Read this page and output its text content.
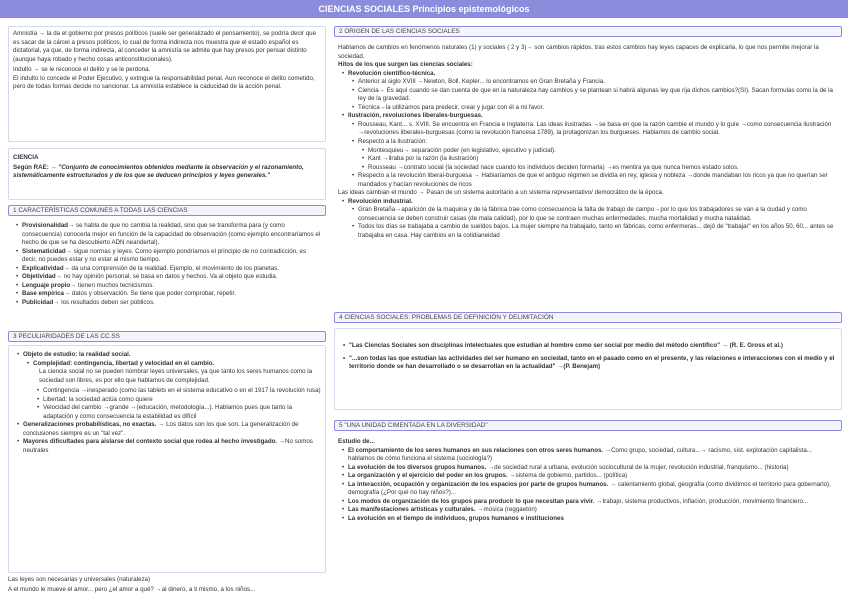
CIENCIAS SOCIALES Principios epistemológicos

Amnistía → la da el gobierno por presos políticos (suele ser generalizado el pensamiento), se podría decir que es sacar de la cárcel a presos políticos, lo cual de forma indirecta nos muestra que el estado español es dictatorial, ya que, de forma indirecta, al conceder la amnistía se admite que hay presos por pensar distinto (aunque haya robado y hecho cosas anticonstitucionales).

Indulto → se le reconoce el delito y se le perdona.

El indulto lo concede el Poder Ejecutivo, y extingue la responsabilidad penal. Aun reconoce el delito cometido, pero de todas formas decide no sancionar. La amnistía establece la caducidad de la acción penal.

CIENCIA

Según RAE: → "Conjunto de conocimientos obtenidos mediante la observación y el razonamiento, sistemáticamente estructurados y de los que se deducen principios y leyes generales."

1 CARACTERÍSTICAS COMUNES A TODAS LAS CIENCIAS
• Provisionalidad→ se habla de que no cambia la realidad, sino que se transforma para (y como consecuencia) conocerla mejor en función de la capacidad de observación (como ejemplo encontraríamos el hecho de que se ha descubierto ADN neandertal).
• Sistematicidad→ sigue normas y leyes. Como ejemplo pondríamos el principio de no contradicción, es decir, no puedes estar y no estar al mismo tiempo.
• Explicatividad→ da una comprensión de la realidad. Ejemplo, el movimiento de los planetas.
• Objetividad→ no hay opinión personal, se basa en datos y hechos. Va al objeto que estudia.
• Lenguaje propio→ tienen muchos tecnicismos.
• Base empírica→ datos y observación. Se tiene que poder comprobar, repetir.
• Publicidad→ los resultados deben ser públicos.
3 PECULIARIDADES DE LAS CC.SS
• Objeto de estudio: la realidad social.
• Complejidad: contingencia, libertad y velocidad en el cambio.

La ciencia social no se pueden nombrar leyes universales, ya que tanto los seres humanos como la sociedad son libres, es por ello que hablamos de complejidad.

• Contingencia →inesperado (como las tablets en el sistema educativo o en el 1917 la revolución rusa)
• Libertad: la sociedad actúa como quiere
• Velocidad del cambio →grande →(educación, metodología...). Hablamos pues que tanto la adaptación y como consecuencia la estabilidad es difícil
• Generalizaciones probabilísticas, no exactas. → Los datos son los que son. La generalización de conclusiones siempre es un "tal vez".
• Mayores dificultades para aislarse del contexto social que rodea al hecho investigado. →No somos neutrales
Las leyes son necesarias y universales (naturaleza)
A el mundo le mueve el amor... pero ¿el amor a qué? →al dinero, a ti mismo, a los niños...
2 ORIGEN DE LAS CIENCIAS SOCIALES

Hablamos de cambios en fenómenos naturales (1) y sociales ( 2 y 3)→ son cambios rápidos, tras estos cambios hay leyes capaces de explicarla, lo que nos permite mejorar la sociedad.

Hitos de los que surgen las ciencias sociales:

• Revolución científico-técnica.
• Anterior al siglo XVIII →Newton, Boll, Kepler... lo encontramos en Gran Bretaña y Francia.
• Ciencia→ Es aquí cuando se dan cuenta de que en la naturaleza hay cambios y se plantean si habrá algunas ley que rija dichos cambios?(SI). Sacan formulas como la de la ley de la gravedad.
• Técnica→la utilizamos para predecir, crear y jugar con él a mi favor.
• Ilustración, revoluciones liberales-burguesas.
• Rousseau, Kant... s. XVIII. Se encuentra en Francia e Inglaterra. Las ideas ilustradas →se basa en que la razón cambie el mundo y lo guíe →como consecuencia ilustración →revoluciones liberales-burguesas (como la revolución francesa 1789), la protagonizan los burgueses. Hablamos de cambio social.
• Respecto a la ilustración:
• Montesquieu→ separación poder (en legislativo, ejecutivo y judicial).
• Kant →llraba por la razón (la ilustración)
• Rousseau →contrato social (la sociedad nace cuando los individuos deciden formarla) →es mentira ya que nunca hemos estado solos.
• Respecto a la revolución liberal-burguesa → Habiaríamos de que el antiguo régimen se dividía en rey, iglesia y nobleza →donde mandaban los ricos ya que no querían ser mandados y hacían revoluciones de ricos

Las ideas cambian el mundo → Pasan de un sistema autoritario a un sistema representativo/ democrático de la época.

• Revolución industrial.
• Gran Bretaña→aparición de la maquina y de la fábrica trae como consecuencia la falta de trabajo de campo→por lo que los trabajadores se van a la ciudad y como consecuencia se deben construir casas (de mala calidad), por lo que se contraen muchas enfermedades, mucha mortalidad y mucha natalidad.
• Todos los días se trabajaba a cambio de sueldos bajos. La mujer siempre ha trabajado, tanto en fábricas, como enfermeras... dejó de "trabajar" en los años 50, 60... antes se trabajaba en casa. Hay cambios en la cotidianeidad
4 CIENCIAS SOCIALES: PROBLEMAS DE DEFINICIÓN Y DELIMITACIÓN
• "Las Ciencias Sociales son disciplinas intelectuales que estudian al hombre como ser social por medio del método científico" → (R. E. Gross et al.)
• "...son todas las que estudian las actividades del ser humano en sociedad, tanto en el pasado como en el presente, y las relaciones e interacciones con el medio y el territorio donde se han desarrollado o se desarrollan en la actualidad" →(P. Benejam)
5 "UNA UNIDAD CIMENTADA EN LA DIVERSIDAD"

Estudio de...

• El comportamiento de los seres humanos en sus relaciones con otros seres humanos. →Como grupo, sociedad, cultura...→ racismo, sist. explotación capitalista... hablamos de cómo funciona el sistema (sociología?)
• La evolución de los diversos grupos humanos. →de sociedad rural a urbana, evolución sociocultural de la mujer, revolución industrial, franquismo... (historia)
• La organización y el ejercicio del poder en los grupos. →sistema de gobierno, partidos... (política)
• La interacción, ocupación y organización de los espacios por parte de grupos humanos. → calentamiento global, geografía (como dividimos el territorio para gobernarlo), demografía (¿Por qué no hay niños?)...
• Los modos de organización de los grupos para producir lo que necesitan para vivir. →trabajo, sistema productivos, inflación, producción, movimiento financiero...
• Las manifestaciones artísticas y culturales. →música (reggaetón)
• La evolución en el tiempo de individuos, grupos humanos e instituciones
